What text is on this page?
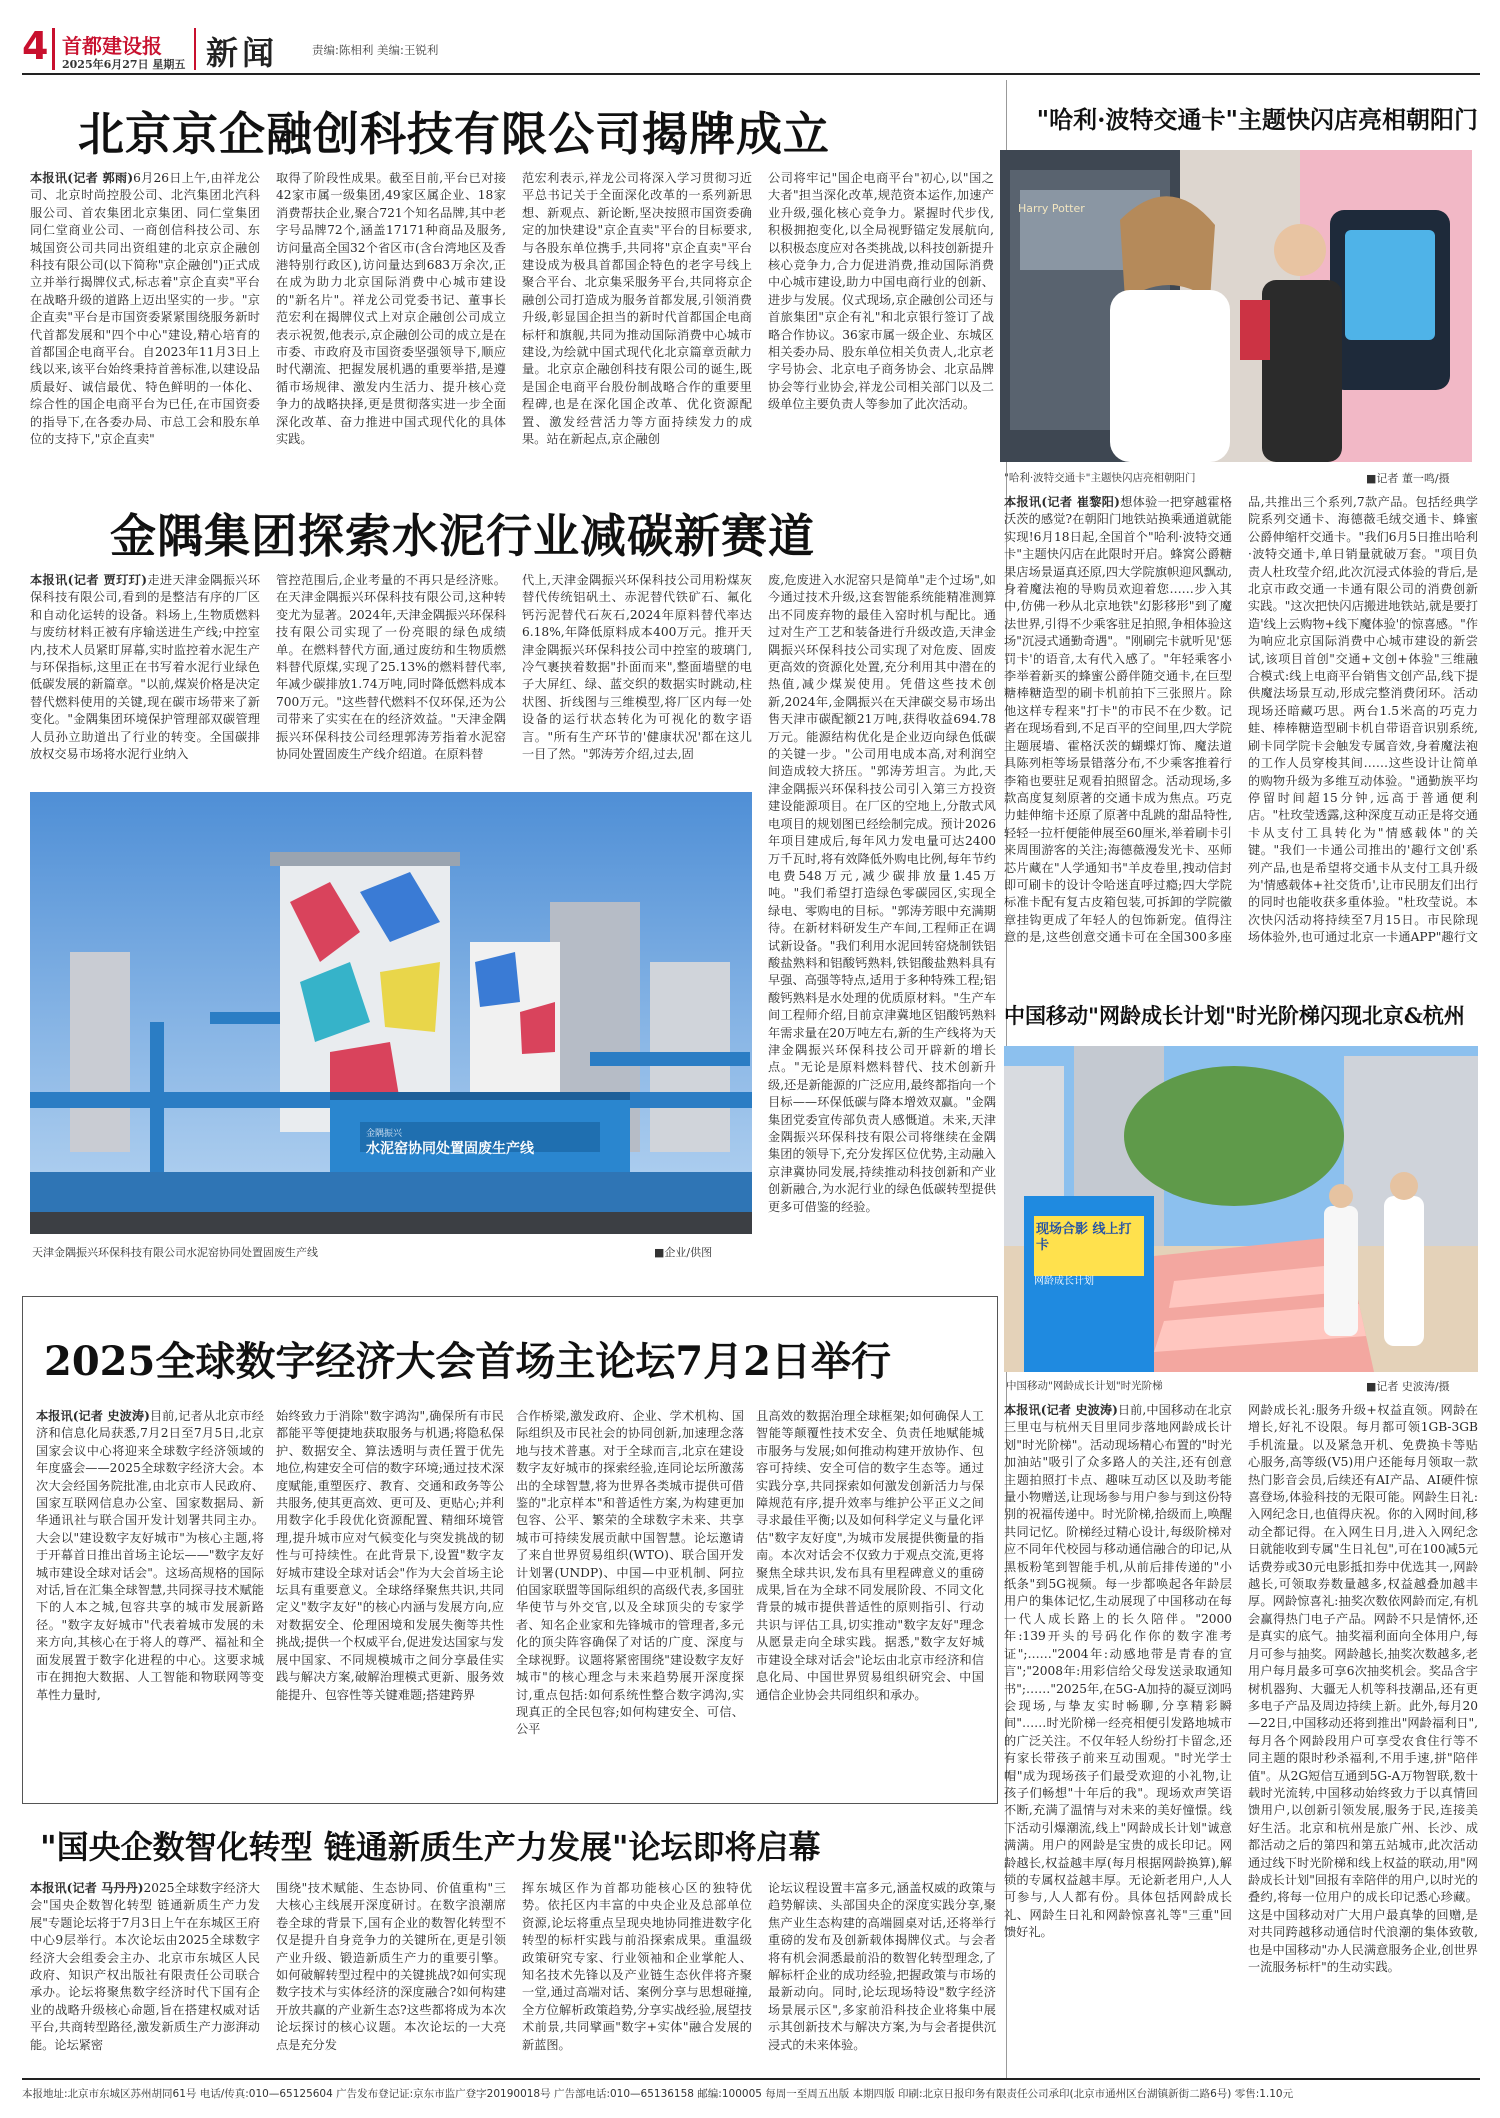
4 首都建设报
2025年6月27日 星期五 新闻	责编:陈相利 美编:王锐利
北京京企融创科技有限公司揭牌成立
本报讯(记者 郭雨)6月26日上午,由祥龙公司、北京时尚控股公司、北汽集团北汽科服公司、首农集团北京集团、同仁堂集团同仁堂商业公司、一商创信科技公司、东城国资公司共同出资组建的北京京企融创科技有限公司(以下简称"京企融创")正式成立并举行揭牌仪式,标志着"京企直卖"平台在战略升级的道路上迈出坚实的一步。"京企直卖"平台是市国资委紧紧围绕服务新时代首都发展和"四个中心"建设,精心培育的首都国企电商平台。自2023年11月3日上线以来,该平台始终秉持首善标准,以建设品质最好、诚信最优、特色鲜明的一体化、综合性的国企电商平台为已任,在市国资委的指导下,在各委办局、市总工会和股东单位的支持下,"京企直卖"
取得了阶段性成果。截至目前,平台已对接42家市属一级集团,49家区属企业、18家消费帮扶企业,聚合721个知名品牌,其中老字号品牌72个,涵盖17171种商品及服务,访问量高全国32个省区市(含台湾地区及香港特别行政区),访问量达到683万余次,正在成为助力北京国际消费中心城市建设的"新名片"。祥龙公司党委书记、董事长范宏利在揭牌仪式上对京企融创公司成立表示祝贺,他表示,京企融创公司的成立是在市委、市政府及市国资委坚强领导下,顺应时代潮流、把握发展机遇的重要举措,是遵循市场规律、激发内生活力、提升核心竞争力的战略抉择,更是贯彻落实进一步全面深化改革、奋力推进中国式现代化的具体实践。
范宏利表示,祥龙公司将深入学习贯彻习近平总书记关于全面深化改革的一系列新思想、新观点、新论断,坚决按照市国资委确定的加快建设"京企直卖"平台的目标要求,与各股东单位携手,共同将"京企直卖"平台建设成为极具首都国企特色的老字号线上聚合平台、北京集采服务平台,共同将京企融创公司打造成为服务首都发展,引领消费升级,彰显国企担当的新时代首都国企电商标杆和旗舰,共同为推动国际消费中心城市建设,为绘就中国式现代化北京篇章贡献力量。北京京企融创科技有限公司的诞生,既是国企电商平台股份制战略合作的重要里程碑,也是在深化国企改革、优化资源配置、激发经营活力等方面持续发力的成果。站在新起点,京企融创
公司将牢记"国企电商平台"初心,以"国之大者"担当深化改革,规范资本运作,加速产业升级,强化核心竞争力。紧握时代步伐,积极拥抱变化,以全局视野锚定发展航向,以积极态度应对各类挑战,以科技创新提升核心竞争力,合力促进消费,推动国际消费中心城市建设,助力中国电商行业的创新、进步与发展。仪式现场,京企融创公司还与首旅集团"京企有礼"和北京银行签订了战略合作协议。36家市属一级企业、东城区相关委办局、股东单位相关负责人,北京老字号协会、北京电子商务协会、北京品牌协会等行业协会,祥龙公司相关部门以及二级单位主要负责人等参加了此次活动。
金隅集团探索水泥行业减碳新赛道
本报讯(记者 贾玎玎)走进天津金隅振兴环保科技有限公司,看到的是整洁有序的厂区和自动化运转的设备。料场上,生物质燃料与废纺材料正被有序输送进生产线;中控室内,技术人员紧盯屏幕,实时监控着水泥生产与环保指标,这里正在书写着水泥行业绿色低碳发展的新篇章。"以前,煤炭价格是决定替代燃料使用的关键,现在碳市场带来了新变化。"金隅集团环境保护管理部双碳管理人员孙立助道出了行业的转变。全国碳排放权交易市场将水泥行业纳入
管控范围后,企业考量的不再只是经济账。在天津金隅振兴环保科技有限公司,这种转变尤为显著。2024年,天津金隅振兴环保科技有限公司实现了一份亮眼的绿色成绩单。在燃料替代方面,通过废纺和生物质燃料替代原煤,实现了25.13%的燃料替代率,年减少碳排放1.74万吨,同时降低燃料成本700万元。"这些替代燃料不仅环保,还为公司带来了实实在在的经济效益。"天津金隅振兴环保科技公司经理郭涛芳指着水泥窑协同处置固废生产线介绍道。在原料替
代上,天津金隅振兴环保科技公司用粉煤灰替代传统铝矾土、赤泥替代铁矿石、氟化钙污泥替代石灰石,2024年原料替代率达6.18%,年降低原料成本400万元。推开天津金隅振兴环保科技公司中控室的玻璃门,冷气裹挟着数据"扑面而来",整面墙壁的电子大屏红、绿、蓝交织的数据实时跳动,柱状图、折线图与三维模型,将厂区内每一处设备的运行状态转化为可视化的数字语言。"所有生产环节的'健康状况'都在这儿一目了然。"郭涛芳介绍,过去,固
废,危废进入水泥窑只是简单"走个过场",如今通过技术升级,这套智能系统能精准测算出不同废弃物的最佳入窑时机与配比。通过对生产工艺和装备进行升级改造,天津金隅振兴环保科技公司实现了对危废、固废更高效的资源化处置,充分利用其中潜在的热值,减少煤炭使用。凭借这些技术创新,2024年,金隅振兴在天津碳交易市场出售天津市碳配额21万吨,获得收益694.78万元。能源结构优化是企业迈向绿色低碳的关键一步。"公司用电成本高,对利润空间造成较大挤压。"郭涛芳坦言。为此,天津金隅振兴环保科技公司引入第三方投资建设能源项目。在厂区的空地上,分散式风电项目的规划图已经绘制完成。预计2026年项目建成后,每年风力发电量可达2400万千瓦时,将有效降低外购电比例,每年节约电费548万元,减少碳排放量1.45万吨。"我们希望打造绿色零碳园区,实现全绿电、零购电的目标。"郭涛芳眼中充满期待。在新材料研发生产车间,工程师正在调试新设备。"我们利用水泥回转窑烧制铁铝酸盐熟料和铝酸钙熟料,铁铝酸盐熟料具有早强、高强等特点,适用于多种特殊工程;铝酸钙熟料是水处理的优质原材料。"生产车间工程师介绍,目前京津冀地区铝酸钙熟料年需求量在20万吨左右,新的生产线将为天津金隅振兴环保科技公司开辟新的增长点。"无论是原料燃料替代、技术创新升级,还是新能源的广泛应用,最终都指向一个目标——环保低碳与降本增效双赢。"金隅集团党委宣传部负责人感慨道。未来,天津金隅振兴环保科技有限公司将继续在金隅集团的领导下,充分发挥区位优势,主动融入京津冀协同发展,持续推动科技创新和产业创新融合,为水泥行业的绿色低碳转型提供更多可借鉴的经验。
金隅振兴
水泥窑协同处置固废生产线
天津金隅振兴环保科技有限公司水泥窑协同处置固废生产线	■企业/供图
2025全球数字经济大会首场主论坛7月2日举行
本报讯(记者 史波涛)目前,记者从北京市经济和信息化局获悉,7月2日至7月5日,北京国家会议中心将迎来全球数字经济领域的年度盛会——2025全球数字经济大会。本次大会经国务院批准,由北京市人民政府、国家互联网信息办公室、国家数据局、新华通讯社与联合国开发计划署共同主办。大会以"建设数字友好城市"为核心主题,将于开幕首日推出首场主论坛——"数字友好城市建设全球对话会"。这场高规格的国际对话,旨在汇集全球智慧,共同探寻技术赋能下的人本之城,包容共享的城市发展新路径。"数字友好城市"代表着城市发展的未来方向,其核心在于将人的尊严、福祉和全面发展置于数字化进程的中心。这要求城市在拥抱大数据、人工智能和物联网等变革性力量时,
始终致力于消除"数字鸿沟",确保所有市民都能平等便捷地获取服务与机遇;将隐私保护、数据安全、算法透明与责任置于优先地位,构建安全可信的数字环境;通过技术深度赋能,重塑医疗、教育、交通和政务等公共服务,使其更高效、更可及、更贴心;并利用数字化手段优化资源配置、精细环境管理,提升城市应对气候变化与突发挑战的韧性与可持续性。在此背景下,设置"数字友好城市建设全球对话会"作为大会首场主论坛具有重要意义。全球络绎聚焦共识,共同定义"数字友好"的核心内涵与发展方向,应对数据安全、伦理困境和发展失衡等共性挑战;提供一个权威平台,促进发达国家与发展中国家、不同规模城市之间分享最佳实践与解决方案,破解治理模式更新、服务效能提升、包容性等关键难题;搭建跨界
合作桥梁,激发政府、企业、学术机构、国际组织及市民社会的协同创新,加速理念落地与技术普惠。对于全球而言,北京在建设数字友好城市的探索经验,连同论坛所激荡出的全球智慧,将为世界各类城市提供可借鉴的"北京样本"和普适性方案,为构建更加包容、公平、繁荣的全球数字未来、共享城市可持续发展贡献中国智慧。论坛邀请了来自世界贸易组织(WTO)、联合国开发计划署(UNDP)、中国—中亚机制、阿拉伯国家联盟等国际组织的高级代表,多国驻华使节与外交官,以及全球顶尖的专家学者、知名企业家和先锋城市的管理者,多元化的顶尖阵容确保了对话的广度、深度与全球视野。议题将紧密围绕"建设数字友好城市"的核心理念与未来趋势展开深度探讨,重点包括:如何系统性整合数字鸿沟,实现真正的全民包容;如何构建安全、可信、公平
且高效的数据治理全球框架;如何确保人工智能等颠覆性技术安全、负责任地赋能城市服务与发展;如何推动构建开放协作、包容可持续、安全可信的数字生态等。通过实践分享,共同探索如何激发创新活力与保障规范有序,提升效率与维护公平正义之间寻求最佳平衡;以及如何科学定义与量化评估"数字友好度",为城市发展提供衡量的指南。本次对话会不仅致力于观点交流,更将聚焦全球共识,发布具有里程碑意义的重磅成果,旨在为全球不同发展阶段、不同文化背景的城市提供普适性的原则指引、行动共识与评估工具,切实推动"数字友好"理念从愿景走向全球实践。据悉,"数字友好城市建设全球对话会"论坛由北京市经济和信息化局、中国世界贸易组织研究会、中国通信企业协会共同组织和承办。
"国央企数智化转型 链通新质生产力发展"论坛即将启幕
本报讯(记者 马丹丹)2025全球数字经济大会"国央企数智化转型 链通新质生产力发展"专题论坛将于7月3日上午在东城区王府中心9层举行。本次论坛由2025全球数字经济大会组委会主办、北京市东城区人民政府、知识产权出版社有限责任公司联合承办。论坛将聚焦数字经济时代下国有企业的战略升级核心命题,旨在搭建权威对话平台,共商转型路径,激发新质生产力澎湃动能。论坛紧密
围绕"技术赋能、生态协同、价值重构"三大核心主线展开深度研讨。在数字浪潮席卷全球的背景下,国有企业的数智化转型不仅是提升自身竞争力的关键所在,更是引领产业升级、锻造新质生产力的重要引擎。如何破解转型过程中的关键挑战?如何实现数字技术与实体经济的深度融合?如何构建开放共赢的产业新生态?这些都将成为本次论坛探讨的核心议题。本次论坛的一大亮点是充分发
挥东城区作为首都功能核心区的独特优势。依托区内丰富的中央企业及总部单位资源,论坛将重点呈现央地协同推进数字化转型的标杆实践与前沿探索成果。重温级政策研究专家、行业领袖和企业掌舵人、知名技术先锋以及产业链生态伙伴将齐聚一堂,通过高端对话、案例分享与思想碰撞,全方位解析政策趋势,分享实战经验,展望技术前景,共同擘画"数字+实体"融合发展的新蓝图。
论坛议程设置丰富多元,涵盖权威的政策与趋势解读、头部国央企的深度实践分享,聚焦产业生态构建的高端圆桌对话,还将举行重磅的发布及创新载体揭牌仪式。与会者将有机会洞悉最前沿的数智化转型理念,了解标杆企业的成功经验,把握政策与市场的最新动向。同时,论坛现场特设"数字经济场景展示区",多家前沿科技企业将集中展示其创新技术与解决方案,为与会者提供沉浸式的未来体验。
"哈利·波特交通卡"主题快闪店亮相朝阳门
Harry Potter
"哈利·波特交通卡"主题快闪店亮相朝阳门	■记者 董一鸣/摄
本报讯(记者 崔黎阳)想体验一把穿越霍格沃茨的感觉?在朝阳门地铁站换乘通道就能实现!6月18日起,全国首个"哈利·波特交通卡"主题快闪店在此限时开启。蜂窝公爵糖果店场景逼真还原,四大学院旗帜迎风飘动,身着魔法袍的导购员欢迎着您……步入其中,仿佛一秒从北京地铁"幻影移形"到了魔法世界,引得不少乘客驻足拍照,争相体验这场"沉浸式通勤奇遇"。"刚刷完卡就听见'惩罚卡'的语音,太有代入感了。"年轻乘客小李举着新买的蜂蜜公爵伴随交通卡,在巨型糖棒糖造型的刷卡机前拍下三张照片。除他这样专程来"打卡"的市民不在少数。记者在现场看到,不足百平的空间里,四大学院主题展墙、霍格沃茨的蝴蝶灯饰、魔法道具陈列柜等场景错落分布,不少乘客推着行李箱也要驻足观看拍照留念。活动现场,多款高度复刻原著的交通卡成为焦点。巧克力蛙伸缩卡还原了原著中乱跳的甜品特性,轻轻一拉杆便能伸展至60厘米,举着刷卡引来周围游客的关注;海德薇漫发光卡、巫师芯片藏在"人学通知书"羊皮卷里,拽动信封即可刷卡的设计令哈迷直呼过瘾;四大学院标准卡配有复古皮箱包装,可拆卸的学院徽章挂钩更成了年轻人的包饰新宠。值得注意的是,这些创意交通卡可在全国300多座
品,共推出三个系列,7款产品。包括经典学院系列交通卡、海德薇毛绒交通卡、蜂蜜公爵伸缩杆交通卡。"我们6月5日推出哈利·波特交通卡,单日销量就破万套。"项目负责人杜玫莹介绍,此次沉浸式体验的背后,是北京市政交通一卡通有限公司的消费创新实践。"这次把快闪店搬进地铁站,就是要打造'线上云购物+线下魔体验'的惊喜感。"作为响应北京国际消费中心城市建设的新尝试,该项目首创"交通+文创+体验"三维融合模式:线上电商平台销售文创产品,线下提供魔法场景互动,形成完整消费闭环。活动现场还暗藏巧思。两台1.5米高的巧克力蛙、棒棒糖造型刷卡机自带语音识别系统,刷卡同学院卡会触发专属音效,身着魔法袍的工作人员穿梭其间……这些设计让简单的购物升级为多维互动体验。"通勤族平均停留时间超15分钟,远高于普通便利店。"杜玫莹透露,这种深度互动正是将交通卡从支付工具转化为"情感载体"的关键。"我们一卡通公司推出的'趣行文创'系列产品,也是希望将交通卡从支付工具升级为'情感载体+社交货币',让市民朋友们出行的同时也能收获多重体验。"杜玫莹说。本次快闪活动将持续至7月15日。市民除现场体验外,也可通过北京一卡通APP"趣行文
中国移动"网龄成长计划"时光阶梯闪现北京&杭州
网龄成长计划
现场合影 线上打卡
中国移动"网龄成长计划"时光阶梯	■记者 史波涛/摄
本报讯(记者 史波涛)日前,中国移动在北京三里屯与杭州天目里同步落地网龄成长计划"时光阶梯"。活动现场精心布置的"时光加油站"吸引了众多路人的关注,还有创意主题拍照打卡点、趣味互动区以及助考能量小物赠送,让现场参与用户参与到这份特别的祝福传递中。时光阶梯,拾级而上,唤醒共同记忆。阶梯经过精心设计,每级阶梯对应不同年代校园与移动通信融合的印记,从黑板粉笔到智能手机,从前后排传递的"小纸条"到5G视频。每一步都唤起各年龄层用户的集体记忆,生动展现了中国移动在每一代人成长路上的长久陪伴。"2000年:139开头的号码化作你的数字准考证";……"2004年:动感地带是青春的宣言";"2008年:用彩信给父母发送录取通知书";……"2025年,在5G-A加持的凝豆浏吗会现场,与挚友实时畅聊,分享精彩瞬间"……时光阶梯一经亮相便引发路地城市的广泛关注。不仅年轻人纷纷打卡留念,还有家长带孩子前来互动围观。"时光学士帽"成为现场孩子们最受欢迎的小礼物,让孩子们畅想"十年后的我"。现场欢声笑语不断,充满了温情与对未来的美好憧憬。线下活动引爆潮流,线上"网龄成长计划"诚意满满。用户的网龄是宝贵的成长印记。网龄越长,权益越丰厚(每月根据网龄换算),解锁的专属权益越丰厚。无论新老用户,人人可参与,人人都有份。具体包括网龄成长礼、网龄生日礼和网龄惊喜礼等"三重"回馈好礼。
网龄成长礼:服务升级+权益直领。网龄在增长,好礼不设限。每月都可领1GB-3GB手机流量。以及紧急开机、免费换卡等贴心服务,高等级(V5)用户还能每月领取一款热门影音会员,后续还有AI产品、AI硬件惊喜登场,体验科技的无限可能。网龄生日礼:入网纪念日,也值得庆祝。你的入网时间,移动全都记得。在入网生日月,进入入网纪念日就能收到专属"生日礼包",可在100减5元话费券或30元电影抵扣券中优选其一,网龄越长,可领取券数量越多,权益越叠加越丰厚。网龄惊喜礼:抽奖次数依网龄而定,有机会赢得热门电子产品。网龄不只是情怀,还是真实的底气。抽奖福利面向全体用户,每月可参与抽奖。网龄越长,抽奖次数越多,老用户每月最多可享6次抽奖机会。奖品含宇树机器狗、大疆无人机等科技潮品,还有更多电子产品及周边持续上新。此外,每月20—22日,中国移动还将到推出"网龄福利日",每月各个网龄段用户可享受农食住行等不同主题的限时秒杀福利,不用手速,拼"陪伴值"。从2G短信互通到5G-A万物智联,数十载时光流转,中国移动始终致力于以真情回馈用户,以创新引领发展,服务于民,连接美好生活。北京和杭州是旅广州、长沙、成都活动之后的第四和第五站城市,此次活动通过线下时光阶梯和线上权益的联动,用"网龄成长计划"回报有幸陪伴的用户,以时光的叠约,将每一位用户的成长印记悉心珍藏。这是中国移动对广大用户最真挚的回赠,是对共同跨越移动通信时代浪潮的集体致敬,也是中国移动"办人民满意服务企业,创世界一流服务标杆"的生动实践。
本报地址:北京市东城区苏州胡同61号 电话/传真:010—65125604 广告发布登记证:京东市监广登字20190018号 广告部电话:010—65136158 邮编:100005 每周一至周五出版 本期四版 印刷:北京日报印务有限责任公司承印(北京市通州区台湖镇新街二路6号) 零售:1.10元
